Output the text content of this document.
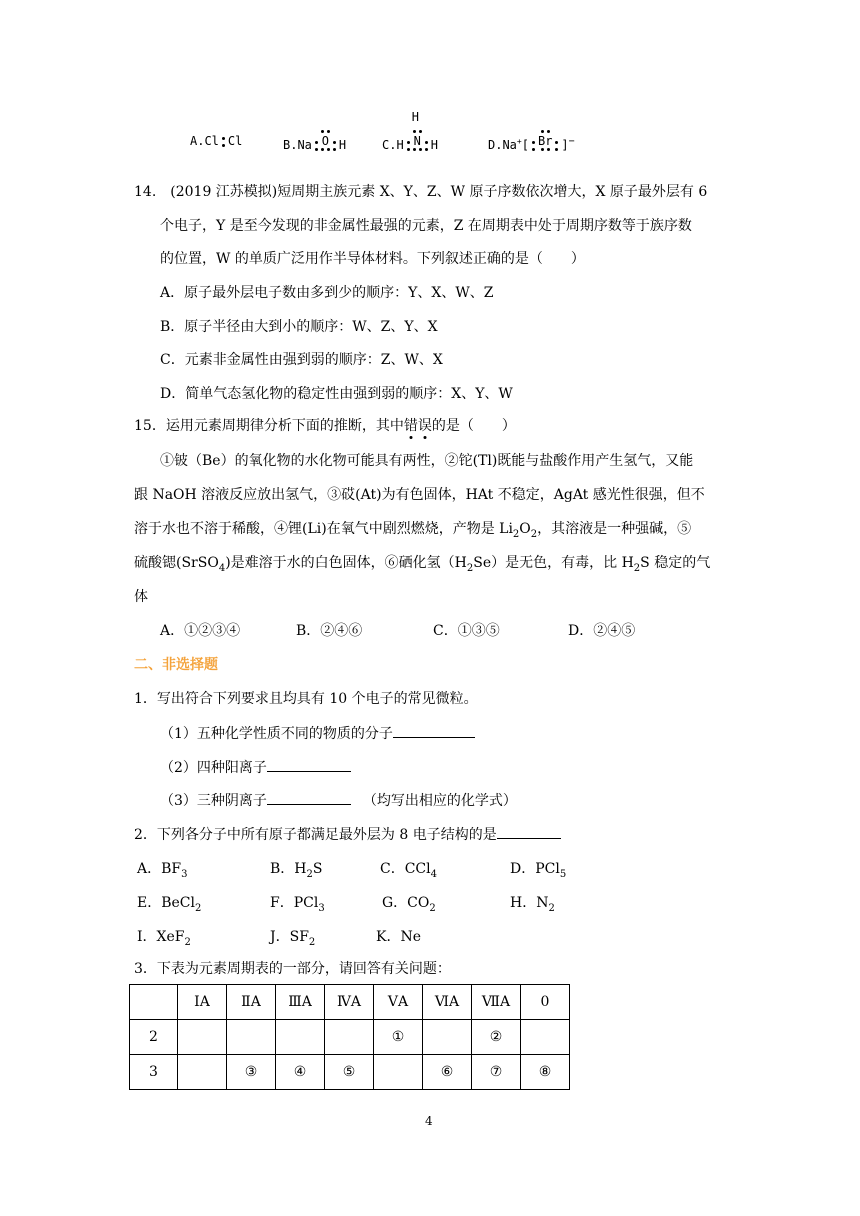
A.Cl Cl	B.Na O H	C.H
H
N H	D.Na+[ Br ]−
14.　(2019 江苏模拟)短周期主族元素 X、Y、Z、W 原子序数依次增大，X 原子最外层有 6
个电子，Y 是至今发现的非金属性最强的元素，Z 在周期表中处于周期序数等于族序数
的位置，W 的单质广泛用作半导体材料。下列叙述正确的是（　　）
A．原子最外层电子数由多到少的顺序：Y、X、W、Z
B．原子半径由大到小的顺序：W、Z、Y、X
C．元素非金属性由强到弱的顺序：Z、W、X
D．简单气态氢化物的稳定性由强到弱的顺序：X、Y、W
15．运用元素周期律分析下面的推断，其中错误的是（　　）
①铍（Be）的氧化物的水化物可能具有两性，②铊(Tl)既能与盐酸作用产生氢气，又能
跟 NaOH 溶液反应放出氢气，③砹(At)为有色固体，HAt 不稳定，AgAt 感光性很强，但不
溶于水也不溶于稀酸，④锂(Li)在氧气中剧烈燃烧，产物是 $Li_2O_2$，其溶液是一种强碱，⑤
硫酸锶(SrSO$_4$)是难溶于水的白色固体，⑥硒化氢$(H_2Se)$是无色，有毒，比 $H_2S$ 稳定的气
体
A．①②③④	B．②④⑥	C．①③⑤	D．②④⑤
二、非选择题
1．写出符合下列要求且均具有 10 个电子的常见微粒。
（1）五种化学性质不同的物质的分子
（2）四种阳离子
（3）三种阴离子	（均写出相应的化学式）
2．下列各分子中所有原子都满足最外层为 8 电子结构的是
A．$BF_3$	B．$H_2S$	C．CCl$_4$	D．PCl$_5$
E．BeCl$_2$	F．PCl$_3$	G．$CO_2$	H．$N_2$
I．XeF$_2$	J．$SF_2$	K．Ne
3．下表为元素周期表的一部分，请回答有关问题：
	ⅠA	ⅡA	ⅢA	ⅣA	ⅤA	ⅥA	ⅦA	0
2					①		②	
3		③	④	⑤		⑥	⑦	⑧
4
